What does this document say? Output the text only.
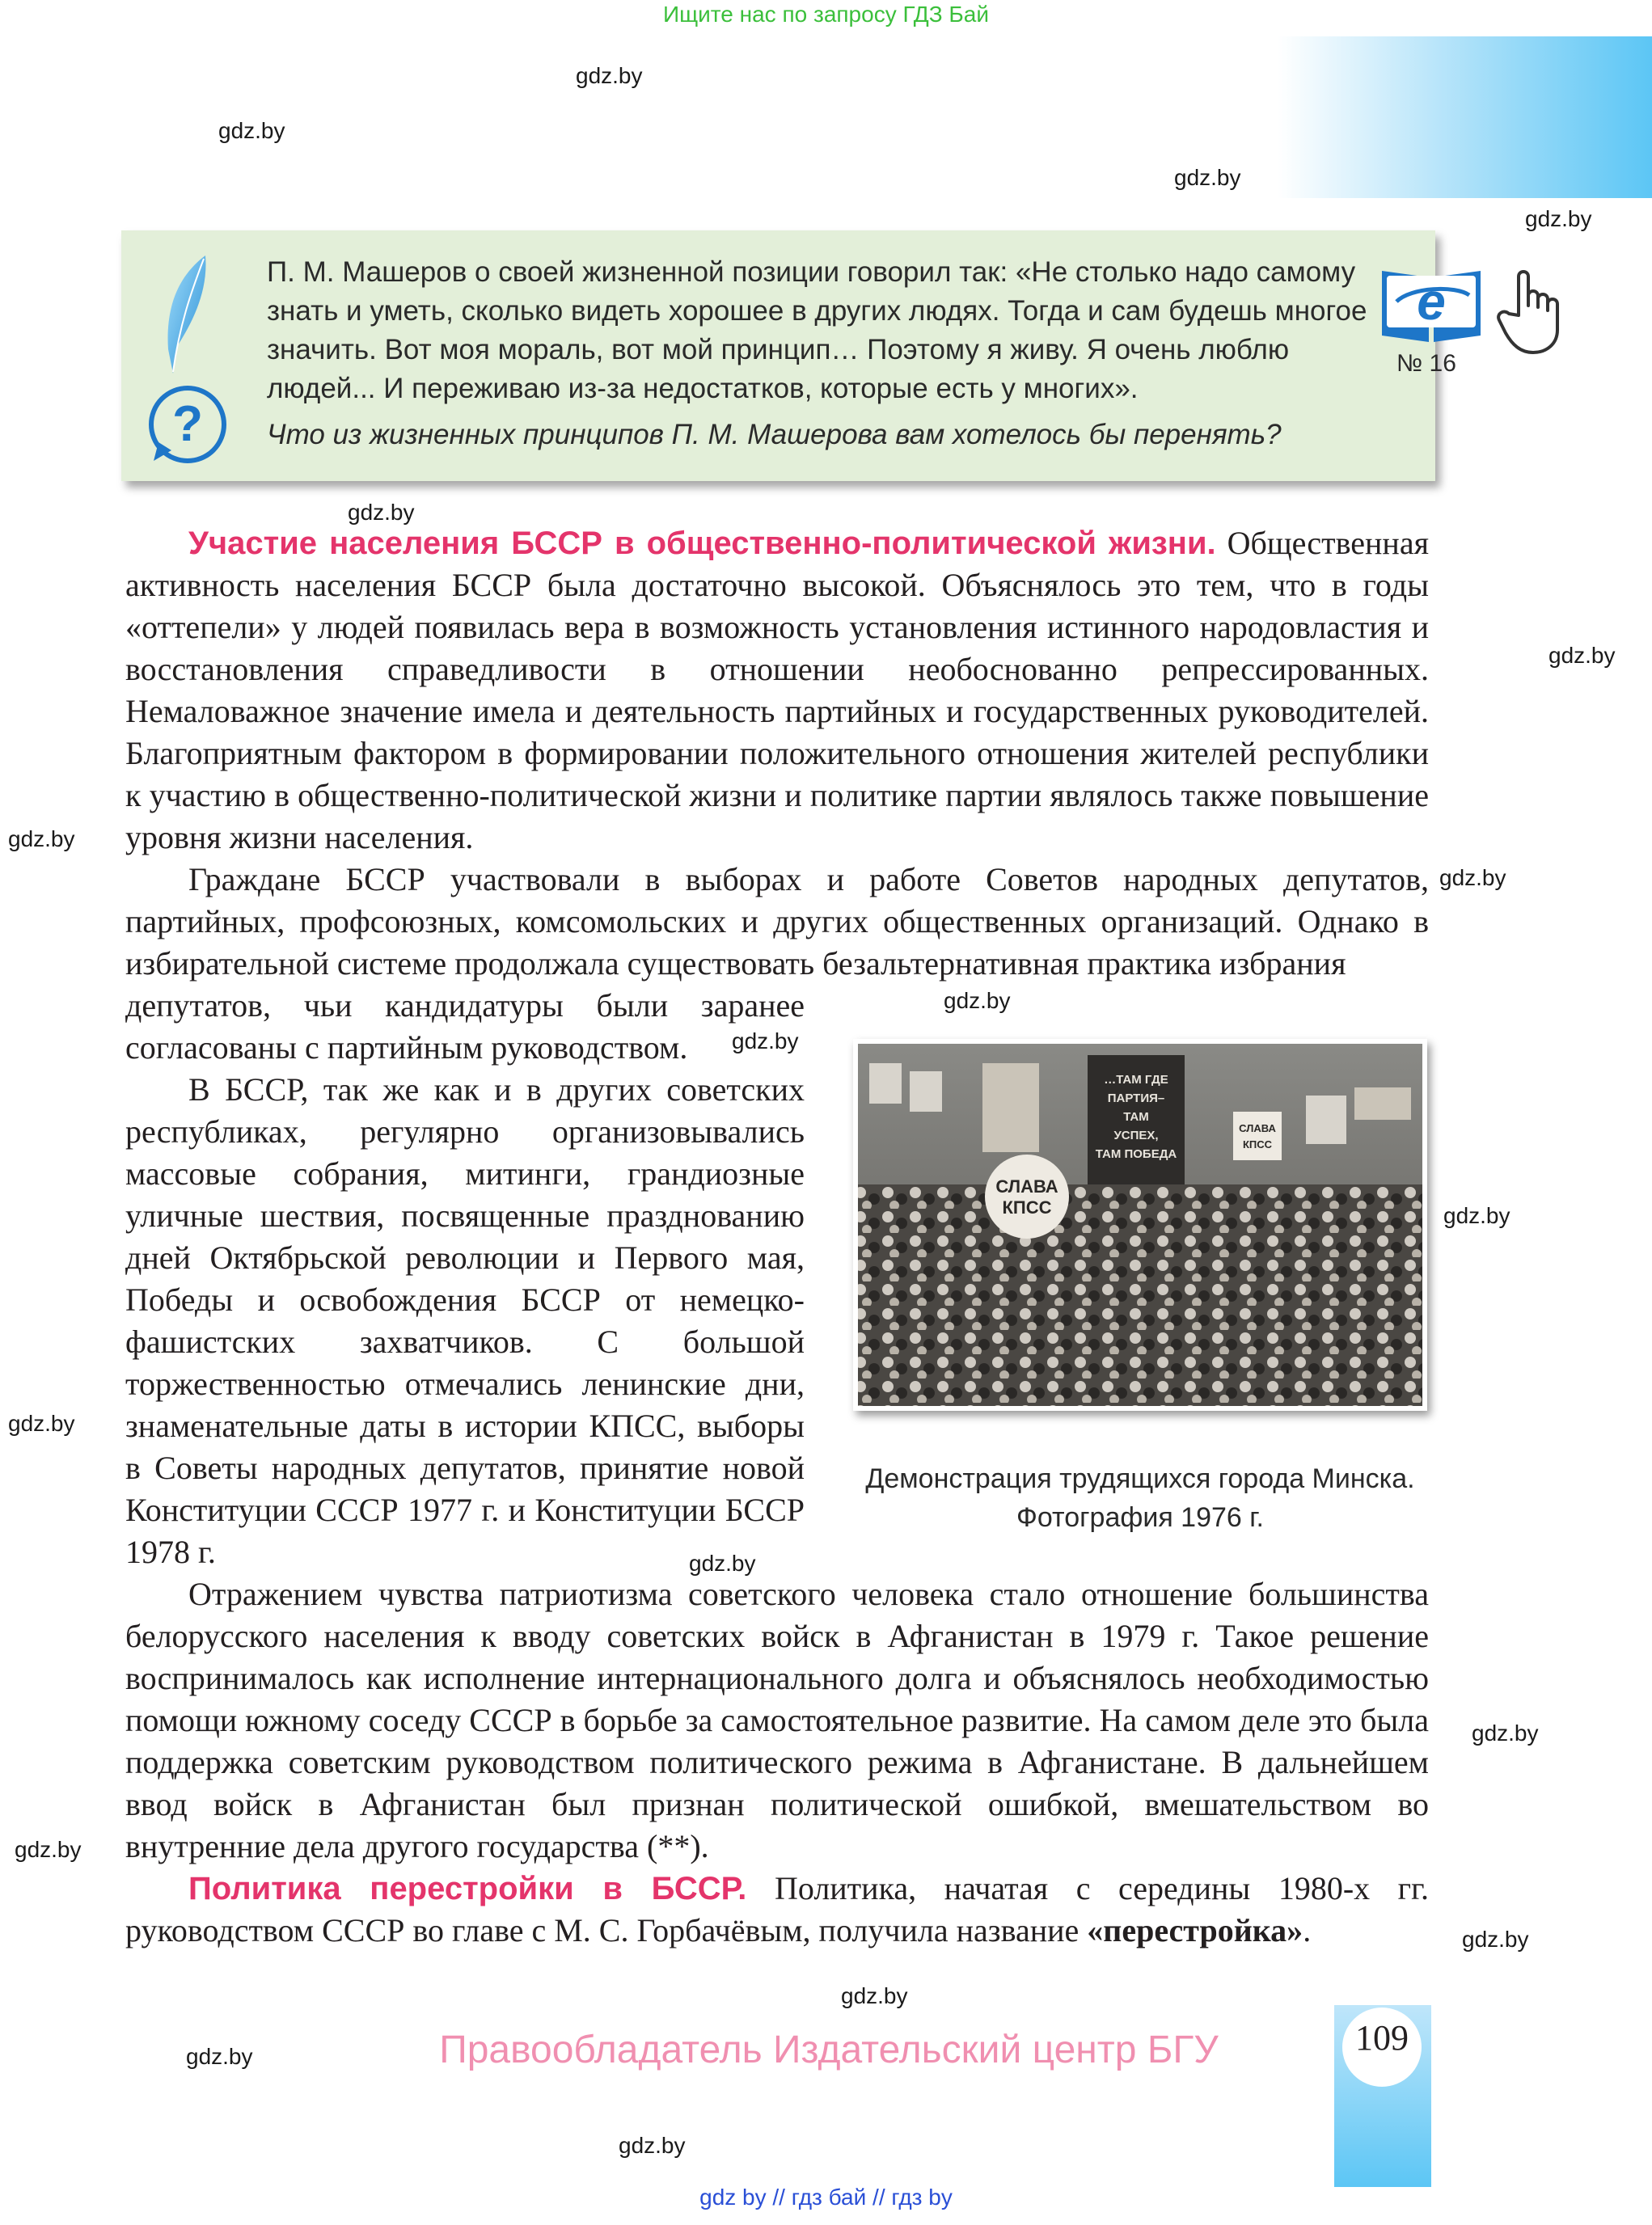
Ищите нас по запросу ГДЗ Бай
gdz.by
gdz.by
gdz.by
gdz.by
gdz.by
gdz.by
gdz.by
gdz.by
gdz.by
gdz.by
gdz.by
gdz.by
gdz.by
gdz.by
gdz.by
gdz.by
gdz.by
gdz.by
gdz.by
?
П. М. Машеров о своей жизненной позиции говорил так: «Не столько надо самому знать и уметь, сколько видеть хорошее в других людях. Тогда и сам будешь многое значить. Вот моя мораль, вот мой принцип… Поэтому я живу. Я очень люблю людей... И переживаю из-за недостатков, которые есть у многих».
Что из жизненных принципов П. М. Машерова вам хотелось бы перенять?
e
№ 16
Участие населения БССР в общественно-политической жизни. Общественная активность населения БССР была достаточно высокой. Объяснялось это тем, что в годы «оттепели» у людей появилась вера в возможность установления истинного народовластия и восстановления справедливости в отношении необоснованно репрессированных. Немаловажное значение имела и деятельность партийных и государственных руководителей. Благоприятным фактором в формировании положительного отношения жителей республики к участию в общественно-политической жизни и политике партии являлось также повышение уровня жизни населения.
Граждане БССР участвовали в выборах и работе Советов народных депутатов, партийных, профсоюзных, комсомольских и других общественных организаций. Однако в избирательной системе продолжала существовать безальтернативная практика избрания
депутатов, чьи кандидатуры были заранее согласованы с партийным руководством.
В БССР, так же как и в других советских республиках, регулярно организовывались массовые собрания, митинги, грандиозные уличные шествия, посвященные празднованию дней Октябрьской революции и Первого мая, Победы и освобождения БССР от немецко-фашистских захватчиков. С большой торжественностью отмечались ленинские дни, знаменательные даты в истории КПСС, выборы в Советы народных депутатов, принятие новой Конституции СССР 1977 г. и Конституции БССР 1978 г.
Отражением чувства патриотизма советского человека стало отношение большинства белорусского населения к вводу советских войск в Афганистан в 1979 г. Такое решение воспринималось как исполнение интернационального долга и объяснялось необходимостью помощи южному соседу СССР в борьбе за самостоятельное развитие. На самом деле это была поддержка советским руководством политического режима в Афганистане. В дальнейшем ввод войск в Афганистан был признан политической ошибкой, вмешательством во внутренние дела другого государства (**).
…ТАМ ГДЕ
ПАРТИЯ–
ТАМ
УСПЕХ,
ТАМ ПОБЕДА
СЛАВА
КПСС
СЛАВА
КПСС
Демонстрация трудящихся города Минска. Фотография 1976 г.
Политика перестройки в БССР. Политика, начатая с середины 1980-х гг. руководством СССР во главе с М. С. Горбачёвым, получила название «перестройка».
109
Правообладатель Издательский центр БГУ
gdz by // гдз бай // гдз by
